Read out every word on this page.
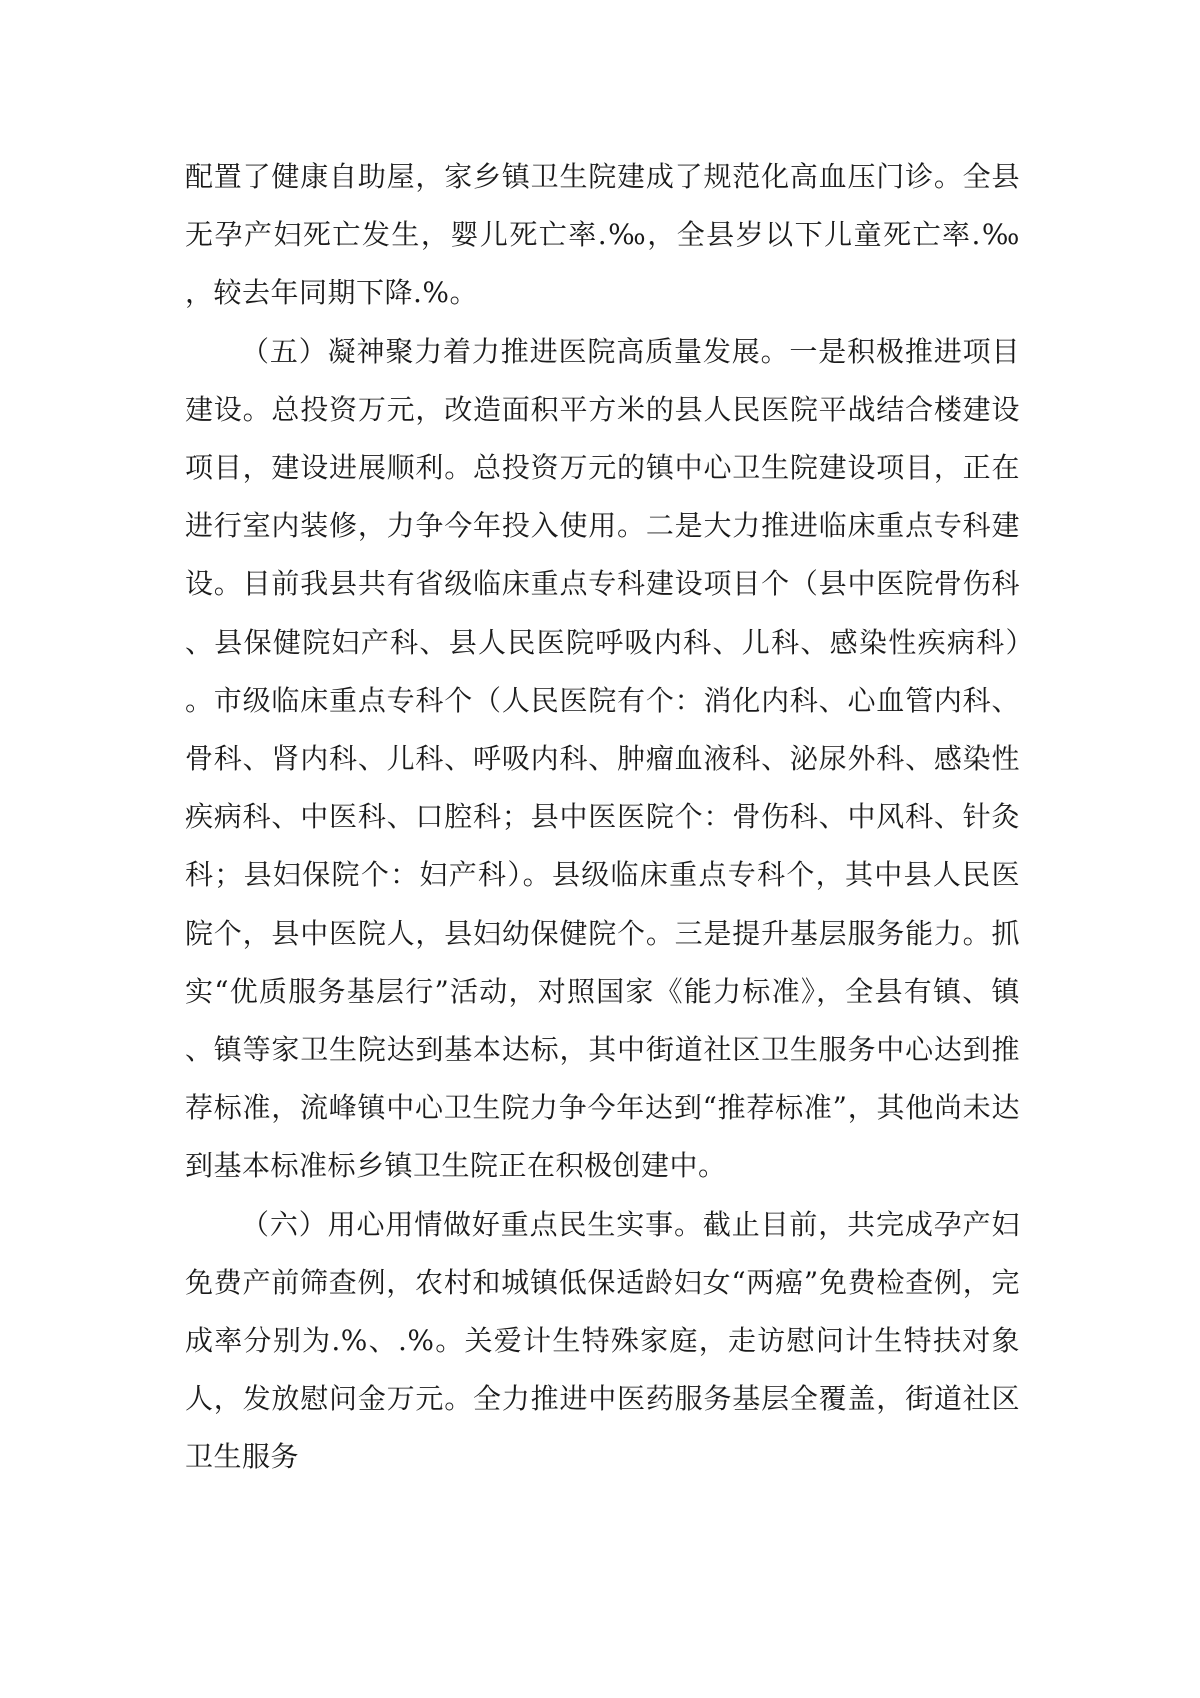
配置了健康自助屋，家乡镇卫生院建成了规范化高血压门诊。全县无孕产妇死亡发生，婴儿死亡率.‰，全县岁以下儿童死亡率.‰，较去年同期下降.%。

（五）凝神聚力着力推进医院高质量发展。一是积极推进项目建设。总投资万元，改造面积平方米的县人民医院平战结合楼建设项目，建设进展顺利。总投资万元的镇中心卫生院建设项目，正在进行室内装修，力争今年投入使用。二是大力推进临床重点专科建设。目前我县共有省级临床重点专科建设项目个（县中医院骨伤科、县保健院妇产科、县人民医院呼吸内科、儿科、感染性疾病科）。市级临床重点专科个（人民医院有个：消化内科、心血管内科、骨科、肾内科、儿科、呼吸内科、肿瘤血液科、泌尿外科、感染性疾病科、中医科、口腔科；县中医医院个：骨伤科、中风科、针灸科；县妇保院个：妇产科）。县级临床重点专科个，其中县人民医院个，县中医院人，县妇幼保健院个。三是提升基层服务能力。抓实“优质服务基层行”活动，对照国家《能力标准》，全县有镇、镇、镇等家卫生院达到基本达标，其中街道社区卫生服务中心达到推荐标准，流峰镇中心卫生院力争今年达到“推荐标准”，其他尚未达到基本标准标乡镇卫生院正在积极创建中。

（六）用心用情做好重点民生实事。截止目前，共完成孕产妇免费产前筛查例，农村和城镇低保适龄妇女“两癌”免费检查例，完成率分别为.%、.%。关爱计生特殊家庭，走访慰问计生特扶对象人，发放慰问金万元。全力推进中医药服务基层全覆盖，街道社区卫生服务
